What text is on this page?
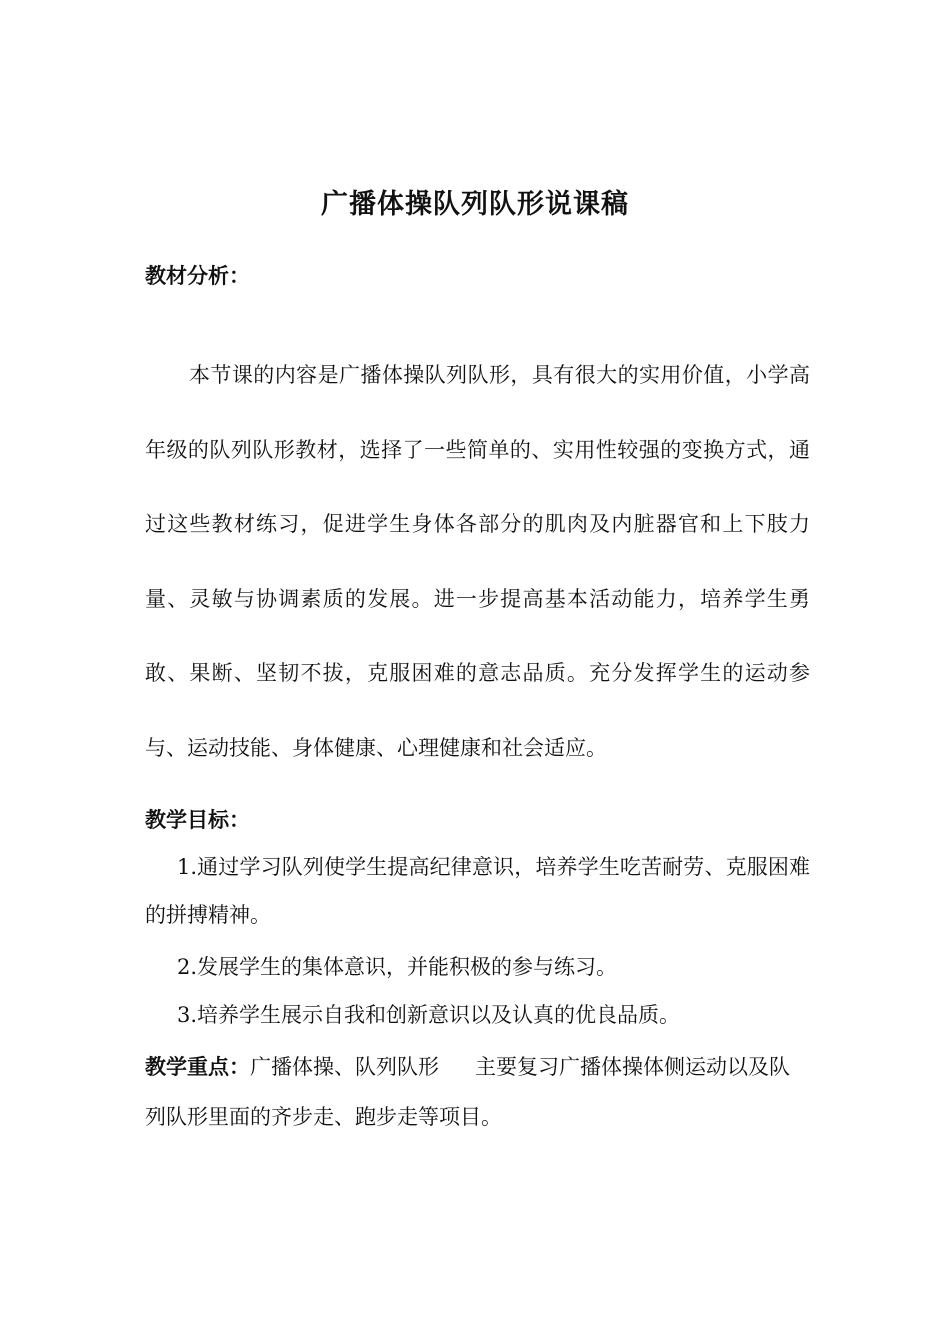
广播体操队列队形说课稿
教材分析：

本节课的内容是广播体操队列队形，具有很大的实用价值，小学高年级的队列队形教材，选择了一些简单的、实用性较强的变换方式，通过这些教材练习，促进学生身体各部分的肌肉及内脏器官和上下肢力量、灵敏与协调素质的发展。进一步提高基本活动能力，培养学生勇敢、果断、坚韧不拔，克服困难的意志品质。充分发挥学生的运动参与、运动技能、身体健康、心理健康和社会适应。

教学目标：

1.通过学习队列使学生提高纪律意识，培养学生吃苦耐劳、克服困难的拼搏精神。

2.发展学生的集体意识，并能积极的参与练习。

3.培养学生展示自我和创新意识以及认真的优良品质。

教学重点：广播体操、队列队形 主要复习广播体操体侧运动以及队列队形里面的齐步走、跑步走等项目。
